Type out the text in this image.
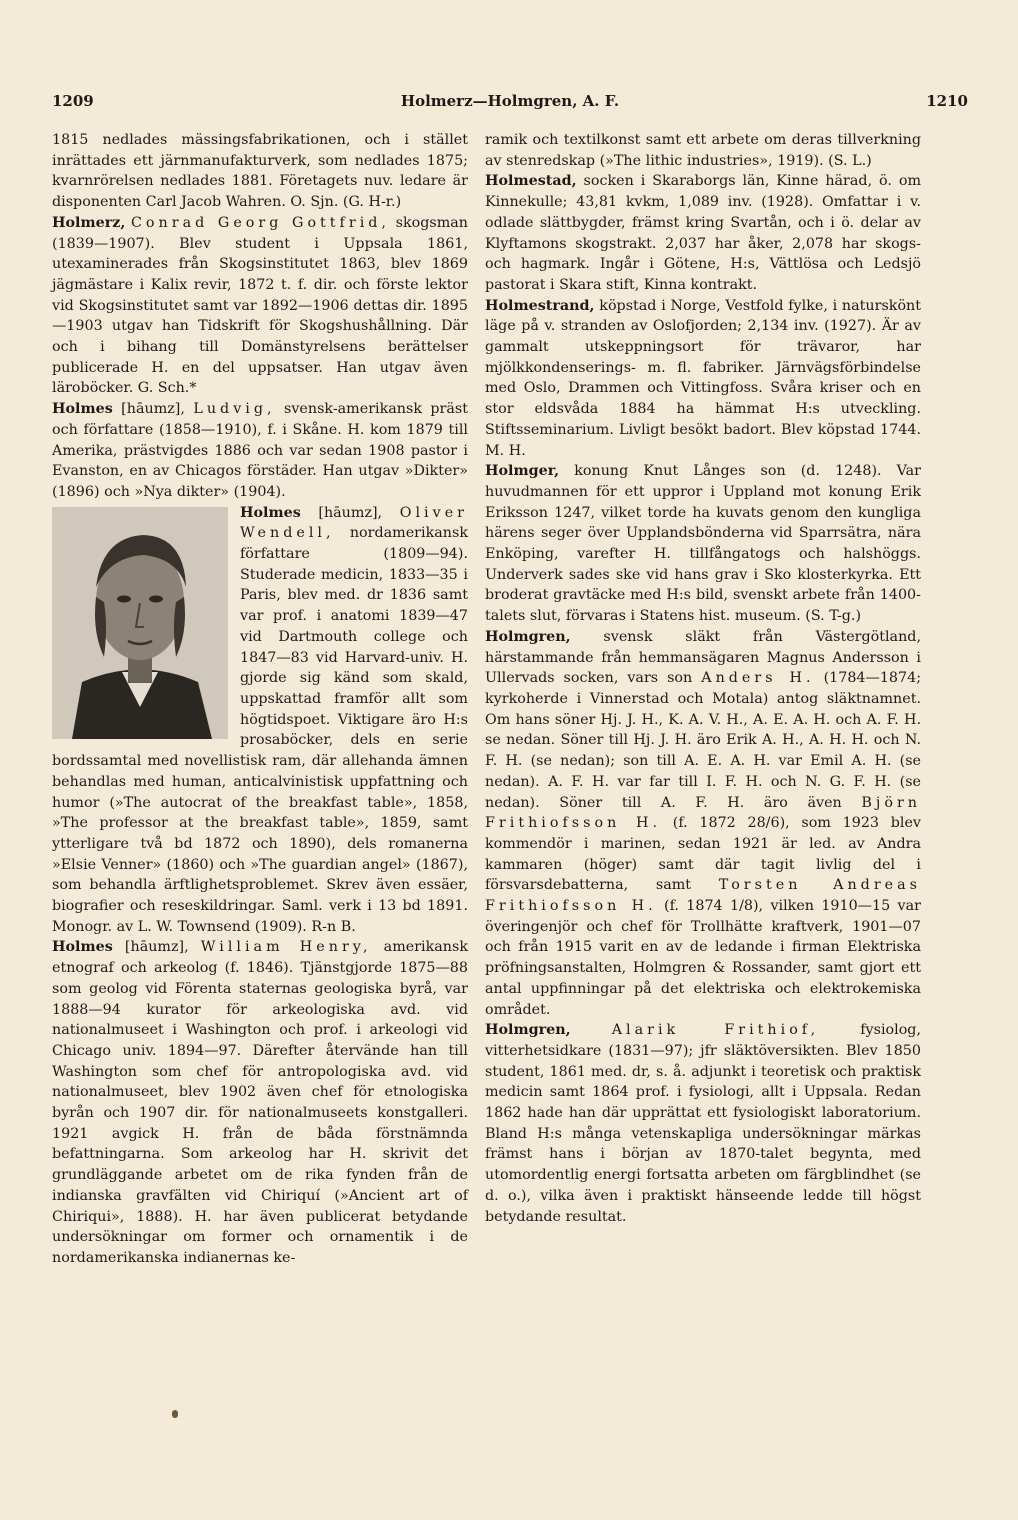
1209	Holmerz—Holmgren, A. F.	1210

1815 nedlades mässingsfabrikationen, och i stället inrättades ett järnmanufakturverk, som nedlades 1875; kvarnrörelsen nedlades 1881. Företagets nuv. ledare är disponenten Carl Jacob Wahren. O. Sjn. (G. H-r.)

Holmerz, Conrad Georg Gottfrid, skogsman (1839—1907). Blev student i Uppsala 1861, utexaminerades från Skogsinstitutet 1863, blev 1869 jägmästare i Kalix revir, 1872 t. f. dir. och förste lektor vid Skogsinstitutet samt var 1892—1906 dettas dir. 1895—1903 utgav han Tidskrift för Skogshushållning. Där och i bihang till Domänstyrelsens berättelser publicerade H. en del uppsatser. Han utgav även läroböcker. G. Sch.*

Holmes [hāumz], Ludvig, svensk-amerikansk präst och författare (1858—1910), f. i Skåne. H. kom 1879 till Amerika, prästvigdes 1886 och var sedan 1908 pastor i Evanston, en av Chicagos förstäder. Han utgav »Dikter» (1896) och »Nya dikter» (1904).

Holmes [hāumz], Oliver Wendell, nordamerikansk författare (1809—94). Studerade medicin, 1833—35 i Paris, blev med. dr 1836 samt var prof. i anatomi 1839—47 vid Dartmouth college och 1847—83 vid Harvard-univ. H. gjorde sig känd som skald, uppskattad framför allt som högtidspoet. Viktigare äro H:s prosaböcker, dels en serie bordssamtal med novellistisk ram, där allehanda ämnen behandlas med human, anticalvinistisk uppfattning och humor (»The autocrat of the breakfast table», 1858, »The professor at the breakfast table», 1859, samt ytterligare två bd 1872 och 1890), dels romanerna »Elsie Venner» (1860) och »The guardian angel» (1867), som behandla ärftlighetsproblemet. Skrev även essäer, biografier och reseskildringar. Saml. verk i 13 bd 1891. Monogr. av L. W. Townsend (1909). R-n B.

Holmes [hāumz], William Henry, amerikansk etnograf och arkeolog (f. 1846). Tjänstgjorde 1875—88 som geolog vid Förenta staternas geologiska byrå, var 1888—94 kurator för arkeologiska avd. vid nationalmuseet i Washington och prof. i arkeologi vid Chicago univ. 1894—97. Därefter återvände han till Washington som chef för antropologiska avd. vid nationalmuseet, blev 1902 även chef för etnologiska byrån och 1907 dir. för nationalmuseets konstgalleri. 1921 avgick H. från de båda förstnämnda befattningarna. Som arkeolog har H. skrivit det grundläggande arbetet om de rika fynden från de indianska gravfälten vid Chiriquí (»Ancient art of Chiriqui», 1888). H. har även publicerat betydande undersökningar om former och ornamentik i de nordamerikanska indianernas ke-

ramik och textilkonst samt ett arbete om deras tillverkning av stenredskap (»The lithic industries», 1919). (S. L.)

Holmestad, socken i Skaraborgs län, Kinne härad, ö. om Kinnekulle; 43,81 kvkm, 1,089 inv. (1928). Omfattar i v. odlade slättbygder, främst kring Svartån, och i ö. delar av Klyftamons skogstrakt. 2,037 har åker, 2,078 har skogs- och hagmark. Ingår i Götene, H:s, Vättlösa och Ledsjö pastorat i Skara stift, Kinna kontrakt.

Holmestrand, köpstad i Norge, Vestfold fylke, i naturskönt läge på v. stranden av Oslofjorden; 2,134 inv. (1927). Är av gammalt utskeppningsort för trävaror, har mjölkkondenserings- m. fl. fabriker. Järnvägsförbindelse med Oslo, Drammen och Vittingfoss. Svåra kriser och en stor eldsvåda 1884 ha hämmat H:s utveckling. Stiftsseminarium. Livligt besökt badort. Blev köpstad 1744. M. H.

Holmger, konung Knut Långes son (d. 1248). Var huvudmannen för ett uppror i Uppland mot konung Erik Eriksson 1247, vilket torde ha kuvats genom den kungliga härens seger över Upplandsbönderna vid Sparrsätra, nära Enköping, varefter H. tillfångatogs och halshöggs. Underverk sades ske vid hans grav i Sko klosterkyrka. Ett broderat gravtäcke med H:s bild, svenskt arbete från 1400-talets slut, förvaras i Statens hist. museum. (S. T-g.)

Holmgren, svensk släkt från Västergötland, härstammande från hemmansägaren Magnus Andersson i Ullervads socken, vars son Anders H. (1784—1874; kyrkoherde i Vinnerstad och Motala) antog släktnamnet. Om hans söner Hj. J. H., K. A. V. H., A. E. A. H. och A. F. H. se nedan. Söner till Hj. J. H. äro Erik A. H., A. H. H. och N. F. H. (se nedan); son till A. E. A. H. var Emil A. H. (se nedan). A. F. H. var far till I. F. H. och N. G. F. H. (se nedan). Söner till A. F. H. äro även Björn Frithiofsson H. (f. 1872 28/6), som 1923 blev kommendör i marinen, sedan 1921 är led. av Andra kammaren (höger) samt där tagit livlig del i försvarsdebatterna, samt Torsten Andreas Frithiofsson H. (f. 1874 1/8), vilken 1910—15 var överingenjör och chef för Trollhätte kraftverk, 1901—07 och från 1915 varit en av de ledande i firman Elektriska pröfningsanstalten, Holmgren & Rossander, samt gjort ett antal uppfinningar på det elektriska och elektrokemiska området.

Holmgren,	Alarik Frithiof,	fysiolog, vitterhetsidkare (1831—97); jfr släktöversikten. Blev 1850 student, 1861 med. dr, s. å. adjunkt i teoretisk och praktisk medicin samt 1864 prof. i fysiologi, allt i Uppsala. Redan 1862 hade han där upprättat ett fysiologiskt laboratorium. Bland H:s många vetenskapliga undersökningar märkas främst hans i början av 1870-talet begynta, med utomordentlig energi fortsatta arbeten om färgblindhet (se d. o.), vilka även i praktiskt hänseende ledde till högst betydande resultat.
